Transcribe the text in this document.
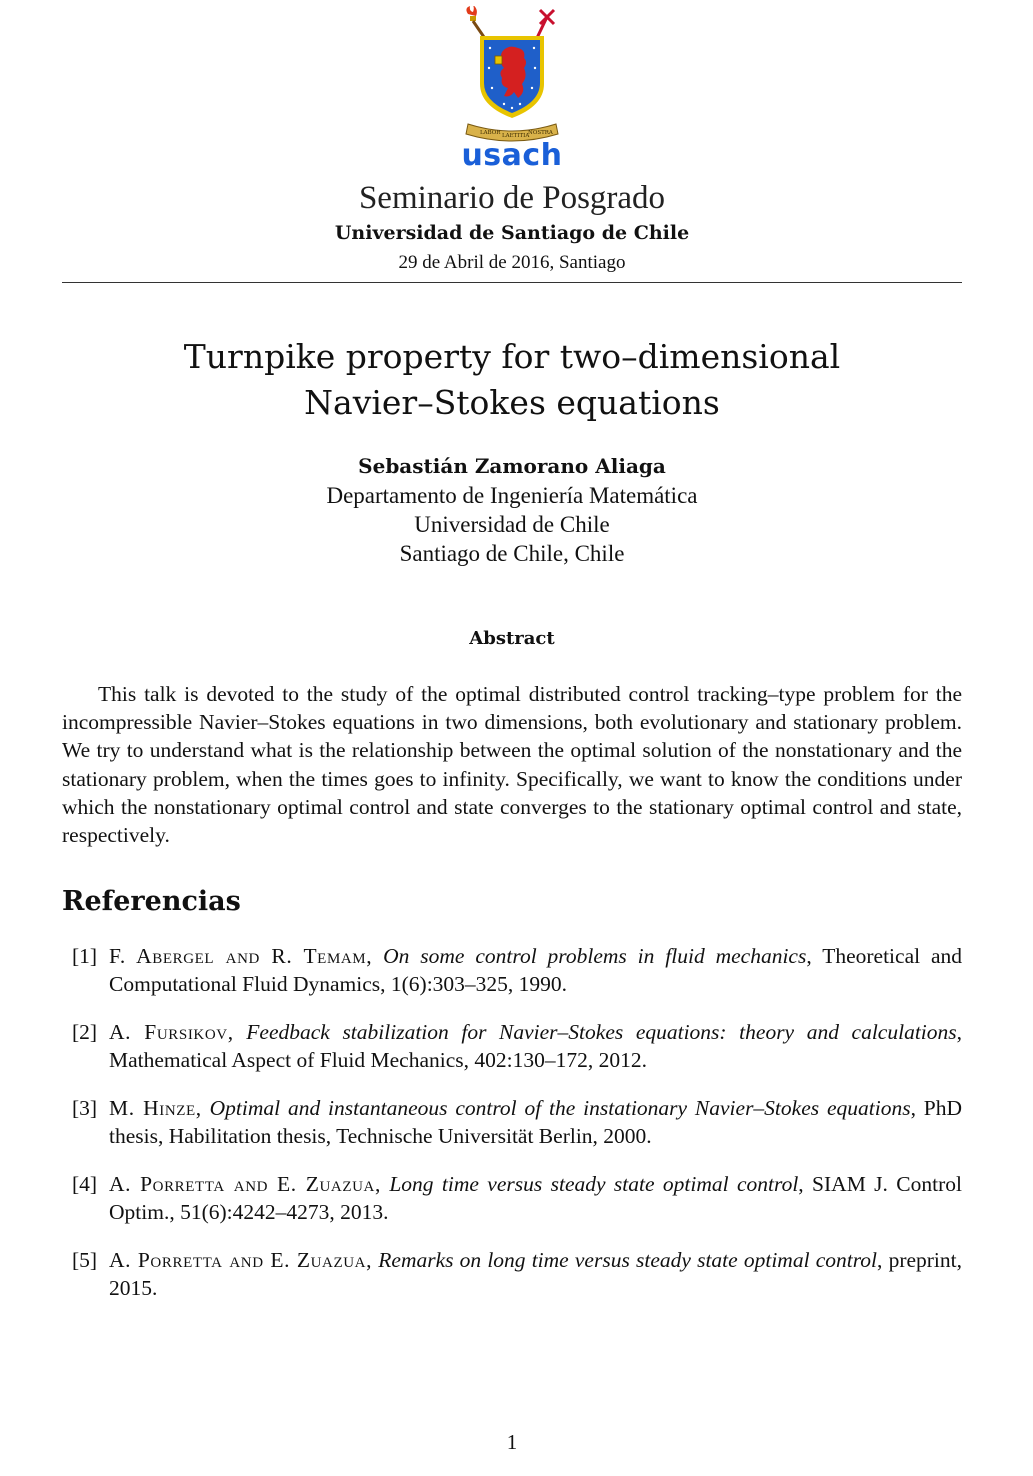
LABOR LAETITIA
NOSTRA
usach
Seminario de Posgrado
Universidad de Santiago de Chile
29 de Abril de 2016, Santiago
Turnpike property for two–dimensional
Navier–Stokes equations
Sebastián Zamorano Aliaga
Departamento de Ingeniería Matemática
Universidad de Chile
Santiago de Chile, Chile
Abstract
This talk is devoted to the study of the optimal distributed control tracking–type problem for the incompressible Navier–Stokes equations in two dimensions, both evolutionary and stationary problem. We try to understand what is the relationship between the optimal solution of the nonstationary and the stationary problem, when the times goes to infinity. Specifically, we want to know the conditions under which the nonstationary optimal control and state converges to the stationary optimal control and state, respectively.
Referencias
[1] F. Abergel and R. Temam, On some control problems in fluid mechanics, Theoretical and Computational Fluid Dynamics, 1(6):303–325, 1990.
[2] A. Fursikov, Feedback stabilization for Navier–Stokes equations: theory and calculations, Mathematical Aspect of Fluid Mechanics, 402:130–172, 2012.
[3] M. Hinze, Optimal and instantaneous control of the instationary Navier–Stokes equations, PhD thesis, Habilitation thesis, Technische Universität Berlin, 2000.
[4] A. Porretta and E. Zuazua, Long time versus steady state optimal control, SIAM J. Control Optim., 51(6):4242–4273, 2013.
[5] A. Porretta and E. Zuazua, Remarks on long time versus steady state optimal control, preprint, 2015.
1
